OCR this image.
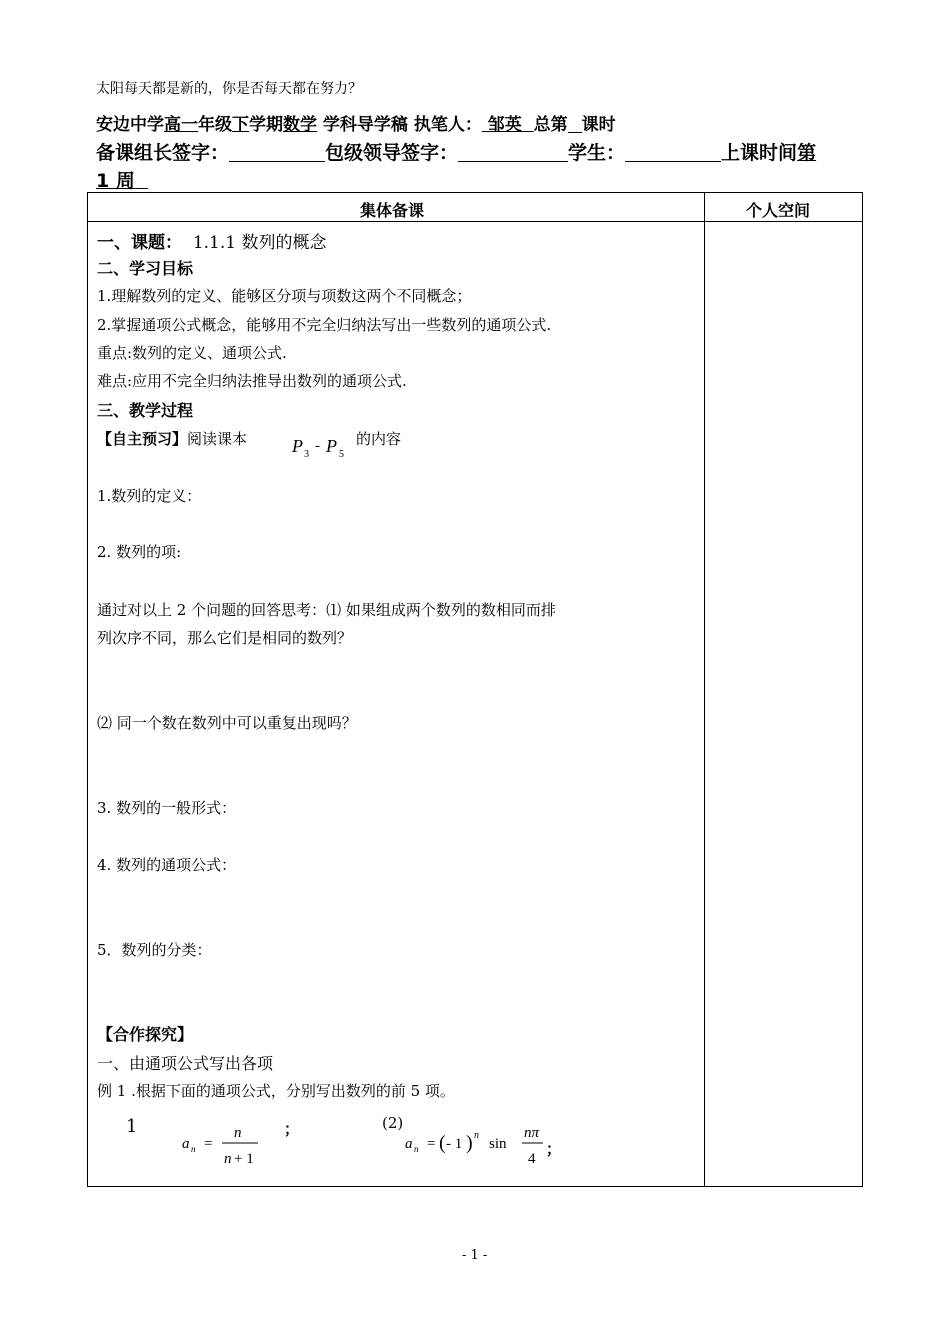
太阳每天都是新的，你是否每天都在努力？
安边中学高一年级下学期数学 学科导学稿 执笔人： 邹英 总第 课时
备课组长签字：	包级领导签字：	学生：	上课时间第
1 周
集体备课	个人空间
一、课题： 1.1.1 数列的概念
二、学习目标
1.理解数列的定义、能够区分项与项数这两个不同概念；
2.掌握通项公式概念，能够用不完全归纳法写出一些数列的通项公式.
重点:数列的定义、通项公式.
难点:应用不完全归纳法推导出数列的通项公式.
三、教学过程
【自主预习】阅读课本 P 3
- P 5
的内容
1.数列的定义：
2. 数列的项:
通过对以上 2 个问题的回答思考：⑴ 如果组成两个数列的数相同而排
列次序不同，那么它们是相同的数列？
⑵ 同一个数在数列中可以重复出现吗？
3. 数列的一般形式：
4. 数列的通项公式：
5．数列的分类：
【合作探究】
一、由通项公式写出各项
例 1 .根据下面的通项公式，分别写出数列的前 5 项。
1
a n =
n
n + 1
；	(2)
a n = ( - 1 ) n
sin
nπ
4
；
- 1 -
